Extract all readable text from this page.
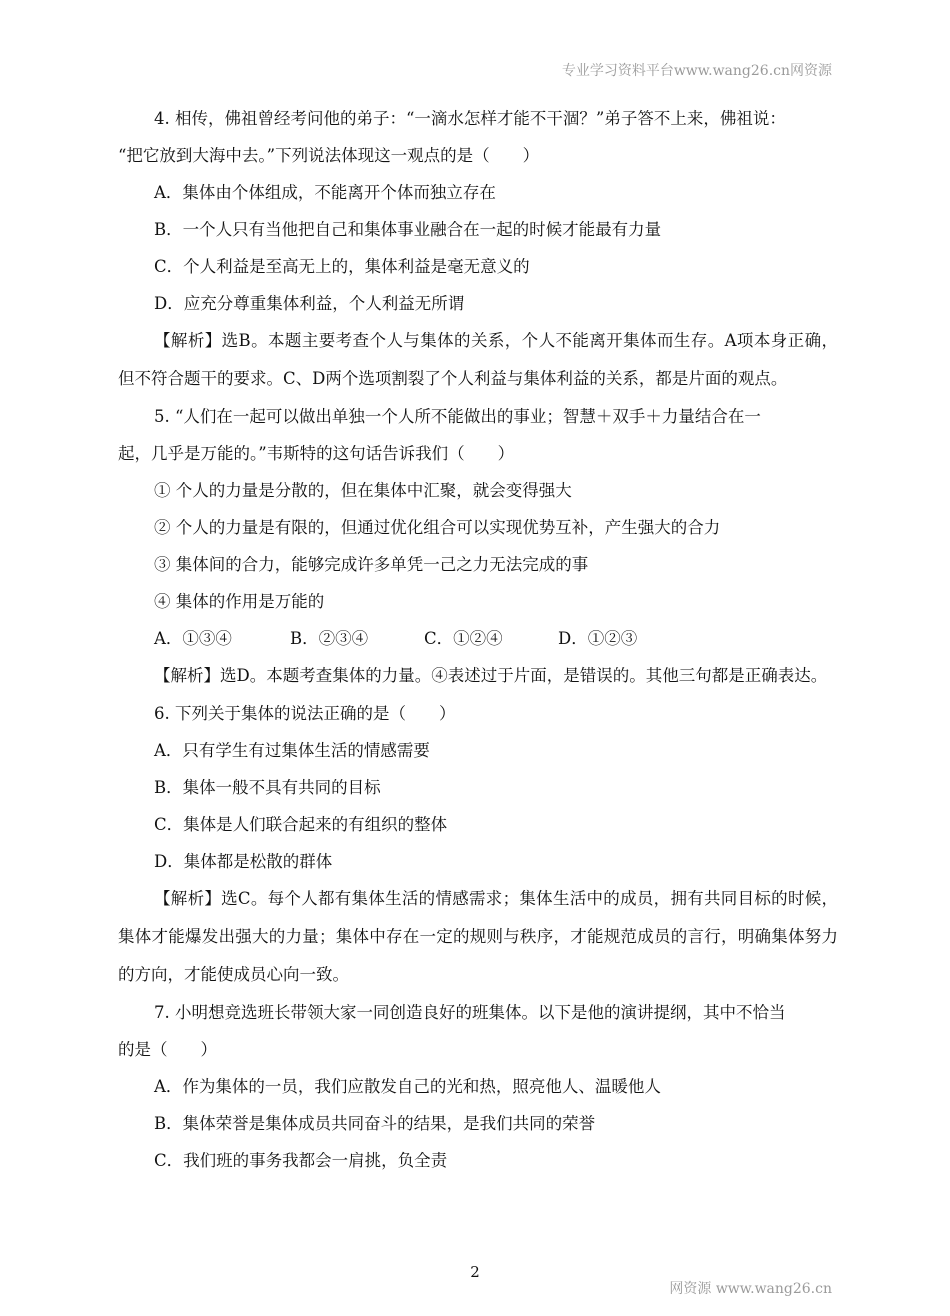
专业学习资料平台www.wang26.cn网资源
4. 相传，佛祖曾经考问他的弟子：“一滴水怎样才能不干涸？”弟子答不上来，佛祖说：
“把它放到大海中去。”下列说法体现这一观点的是（　　）
A．集体由个体组成，不能离开个体而独立存在
B．一个人只有当他把自己和集体事业融合在一起的时候才能最有力量
C．个人利益是至高无上的，集体利益是毫无意义的
D．应充分尊重集体利益，个人利益无所谓
【解析】选B。本题主要考查个人与集体的关系，个人不能离开集体而生存。A项本身正确，但不符合题干的要求。C、D两个选项割裂了个人利益与集体利益的关系，都是片面的观点。
5. “人们在一起可以做出单独一个人所不能做出的事业；智慧＋双手＋力量结合在一
起，几乎是万能的。”韦斯特的这句话告诉我们（　　）
① 个人的力量是分散的，但在集体中汇聚，就会变得强大
② 个人的力量是有限的，但通过优化组合可以实现优势互补，产生强大的合力
③ 集体间的合力，能够完成许多单凭一己之力无法完成的事
④ 集体的作用是万能的
A．①③④	B．②③④	C．①②④	D．①②③
【解析】选D。本题考查集体的力量。④表述过于片面，是错误的。其他三句都是正确表达。
6. 下列关于集体的说法正确的是（　　）
A．只有学生有过集体生活的情感需要
B．集体一般不具有共同的目标
C．集体是人们联合起来的有组织的整体
D．集体都是松散的群体
【解析】选C。每个人都有集体生活的情感需求；集体生活中的成员，拥有共同目标的时候，集体才能爆发出强大的力量；集体中存在一定的规则与秩序，才能规范成员的言行，明确集体努力的方向，才能使成员心向一致。
7. 小明想竞选班长带领大家一同创造良好的班集体。以下是他的演讲提纲，其中不恰当
的是（　　）
A．作为集体的一员，我们应散发自己的光和热，照亮他人、温暖他人
B．集体荣誉是集体成员共同奋斗的结果，是我们共同的荣誉
C．我们班的事务我都会一肩挑，负全责
2
网资源 www.wang26.cn
